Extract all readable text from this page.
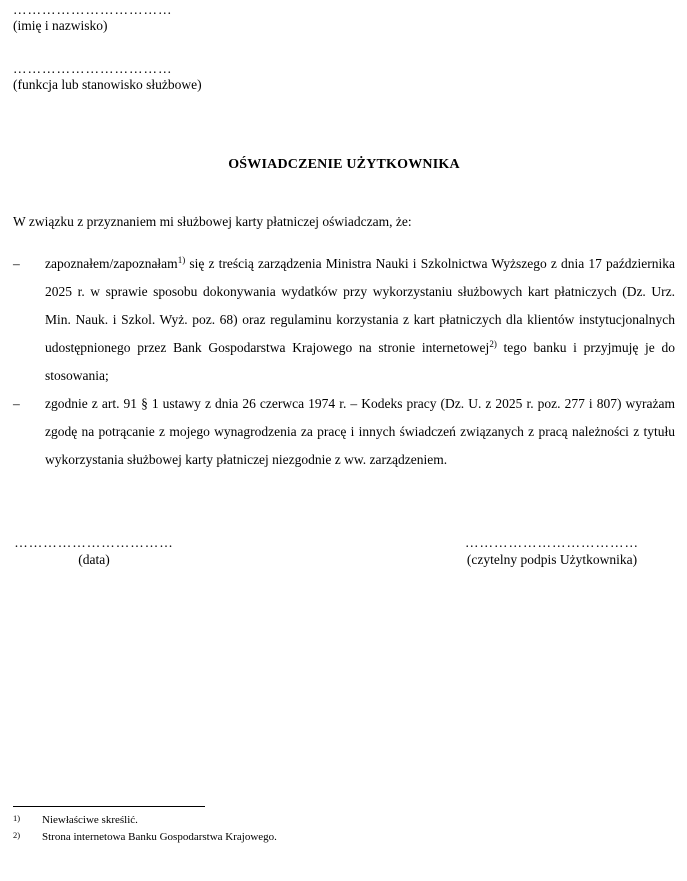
……………………………
(imię i nazwisko)
……………………………
(funkcja lub stanowisko służbowe)
OŚWIADCZENIE UŻYTKOWNIKA

W związku z przyznaniem mi służbowej karty płatniczej oświadczam, że:

– zapoznałem/zapoznałam$^{1)}$ się z treścią zarządzenia Ministra Nauki i Szkolnictwa Wyższego z dnia 17 października 2025 r. w sprawie sposobu dokonywania wydatków przy wykorzystaniu służbowych kart płatniczych (Dz. Urz. Min. Nauk. i Szkol. Wyż. poz. 68) oraz regulaminu korzystania z kart płatniczych dla klientów instytucjonalnych udostępnionego przez Bank Gospodarstwa Krajowego na stronie internetowej$^{2)}$ tego banku i przyjmuję je do stosowania;
– zgodnie z art. 91 § 1 ustawy z dnia 26 czerwca 1974 r. – Kodeks pracy (Dz. U. z 2025 r. poz. 277 i 807) wyrażam zgodę na potrącanie z mojego wynagrodzenia za pracę i innych świadczeń związanych z pracą należności z tytułu wykorzystania służbowej karty płatniczej niezgodnie z ww. zarządzeniem.
……………………………
(data)
………………………………
(czytelny podpis Użytkownika)
1)	Niewłaściwe skreślić.
2)	Strona internetowa Banku Gospodarstwa Krajowego.
